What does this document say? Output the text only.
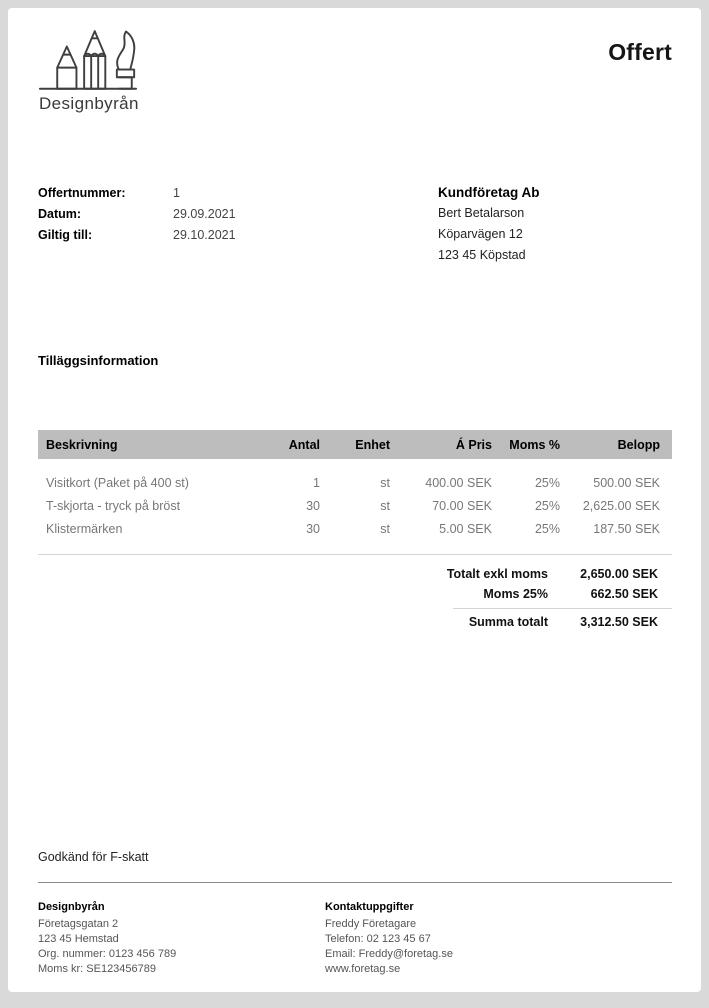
Designbyrån
Offert
Offertnummer:	1
Datum:	29.09.2021
Giltig till:	29.10.2021
Kundföretag Ab
Bert Betalarson
Köparvägen 12
123 45 Köpstad
Tilläggsinformation
Beskrivning	Antal	Enhet	Á Pris	Moms %	Belopp
Visitkort (Paket på 400 st)	1	st	400.00 SEK	25%	500.00 SEK
T-skjorta - tryck på bröst	30	st	70.00 SEK	25%	2,625.00 SEK
Klistermärken	30	st	5.00 SEK	25%	187.50 SEK
Totalt exkl moms	2,650.00 SEK
Moms 25%	662.50 SEK
Summa totalt	3,312.50 SEK
Godkänd för F-skatt
Designbyrån
Företagsgatan 2
123 45 Hemstad
Org. nummer: 0123 456 789
Moms kr: SE123456789
Kontaktuppgifter
Freddy Företagare
Telefon: 02 123 45 67
Email: Freddy@foretag.se
www.foretag.se
